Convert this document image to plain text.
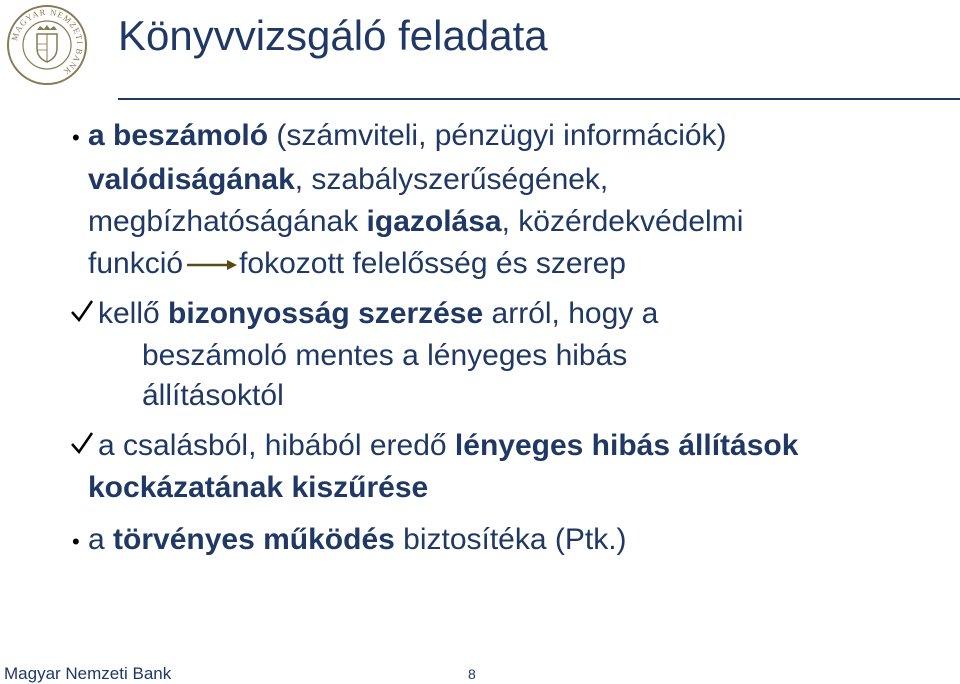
MAGYAR NEMZETI BANK
Könyvvizsgáló feladata
• a beszámoló (számviteli, pénzügyi információk)
valódiságának, szabályszerűségének,
megbízhatóságának igazolása, közérdekvédelmi
funkció fokozott felelősség és szerep
kellő bizonyosság szerzése arról, hogy a
beszámoló mentes a lényeges hibás
állításoktól
a csalásból, hibából eredő lényeges hibás állítások
kockázatának kiszűrése
• a törvényes működés biztosítéka (Ptk.)
Magyar Nemzeti Bank	8
